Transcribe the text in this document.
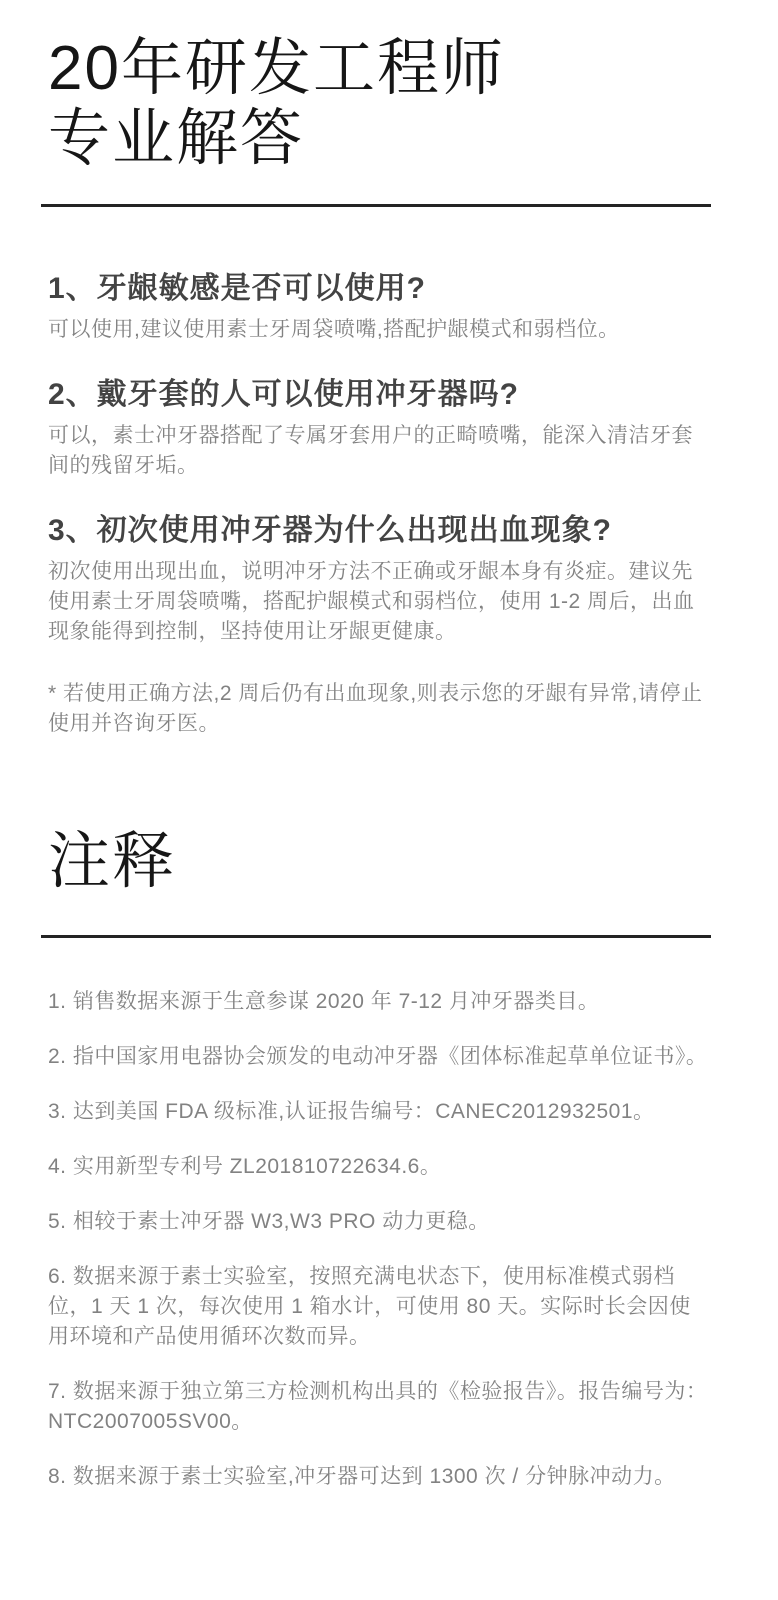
20年研发工程师
专业解答
1、牙龈敏感是否可以使用?
可以使用,建议使用素士牙周袋喷嘴,搭配护龈模式和弱档位。
2、戴牙套的人可以使用冲牙器吗?
可以，素士冲牙器搭配了专属牙套用户的正畸喷嘴，能深入清洁牙套间的残留牙垢。
3、初次使用冲牙器为什么出现出血现象?
初次使用出现出血，说明冲牙方法不正确或牙龈本身有炎症。建议先使用素士牙周袋喷嘴，搭配护龈模式和弱档位，使用 1-2 周后，出血现象能得到控制，坚持使用让牙龈更健康。
* 若使用正确方法,2 周后仍有出血现象,则表示您的牙龈有异常,请停止使用并咨询牙医。
注释

1. 销售数据来源于生意参谋 2020 年 7-12 月冲牙器类目。

2. 指中国家用电器协会颁发的电动冲牙器《团体标准起草单位证书》。

3. 达到美国 FDA 级标准,认证报告编号：CANEC2012932501。

4. 实用新型专利号 ZL201810722634.6。

5. 相较于素士冲牙器 W3,W3 PRO 动力更稳。

6. 数据来源于素士实验室，按照充满电状态下，使用标准模式弱档位，1 天 1 次，每次使用 1 箱水计，可使用 80 天。实际时长会因使用环境和产品使用循环次数而异。

7. 数据来源于独立第三方检测机构出具的《检验报告》。报告编号为：NTC2007005SV00。

8. 数据来源于素士实验室,冲牙器可达到 1300 次 / 分钟脉冲动力。
